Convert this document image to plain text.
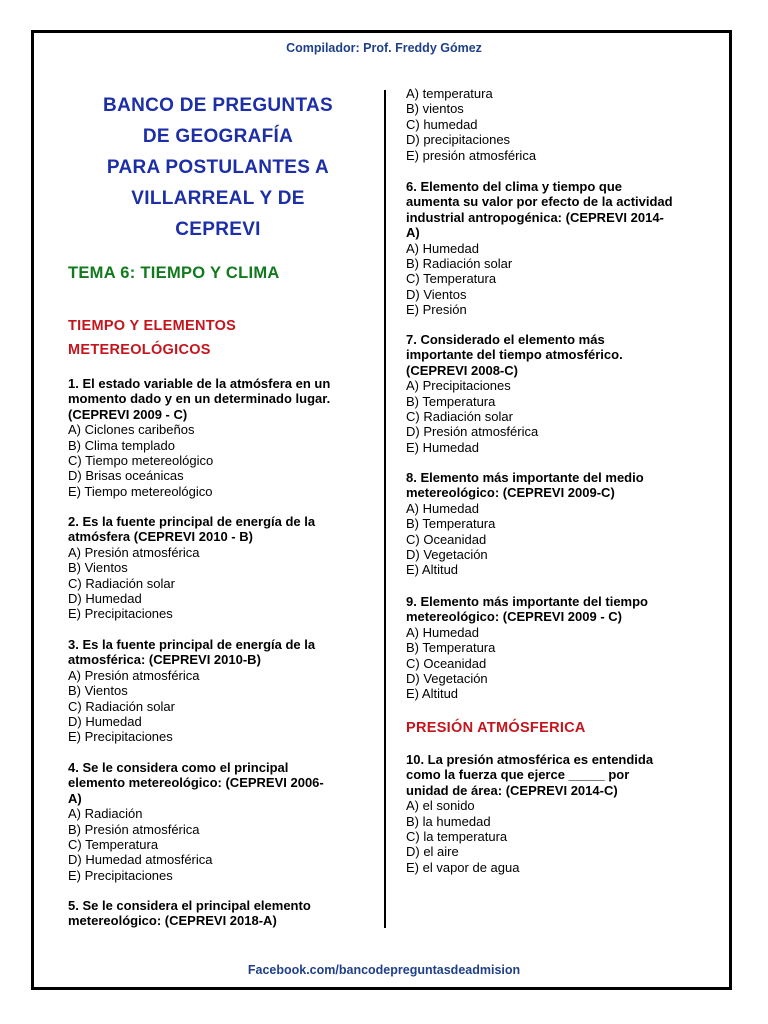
Compilador: Prof. Freddy Gómez
BANCO DE PREGUNTAS
DE GEOGRAFÍA
PARA POSTULANTES A
VILLARREAL Y DE
CEPREVI
TEMA 6: TIEMPO Y CLIMA
TIEMPO Y ELEMENTOS
METEREOLÓGICOS
1. El estado variable de la atmósfera en un
momento dado y en un determinado lugar.
(CEPREVI 2009 - C)
A) Ciclones caribeños
B) Clima templado
C) Tiempo metereológico
D) Brisas oceánicas
E) Tiempo metereológico
2. Es la fuente principal de energía de la
atmósfera (CEPREVI 2010 - B)
A) Presión atmosférica
B) Vientos
C) Radiación solar
D) Humedad
E) Precipitaciones
3. Es la fuente principal de energía de la
atmosférica: (CEPREVI 2010-B)
A) Presión atmosférica
B) Vientos
C) Radiación solar
D) Humedad
E) Precipitaciones
4. Se le considera como el principal
elemento metereológico: (CEPREVI 2006-
A)
A) Radiación
B) Presión atmosférica
C) Temperatura
D) Humedad atmosférica
E) Precipitaciones
5. Se le considera el principal elemento
metereológico: (CEPREVI 2018-A)
A) temperatura
B) vientos
C) humedad
D) precipitaciones
E) presión atmosférica
6. Elemento del clima y tiempo que
aumenta su valor por efecto de la actividad
industrial antropogénica: (CEPREVI 2014-
A)
A) Humedad
B) Radiación solar
C) Temperatura
D) Vientos
E) Presión
7. Considerado el elemento más
importante del tiempo atmosférico.
(CEPREVI 2008-C)
A) Precipitaciones
B) Temperatura
C) Radiación solar
D) Presión atmosférica
E) Humedad
8. Elemento más importante del medio
metereológico: (CEPREVI 2009-C)
A) Humedad
B) Temperatura
C) Oceanidad
D) Vegetación
E) Altitud
9. Elemento más importante del tiempo
metereológico: (CEPREVI 2009 - C)
A) Humedad
B) Temperatura
C) Oceanidad
D) Vegetación
E) Altitud
PRESIÓN ATMÓSFERICA
10. La presión atmosférica es entendida
como la fuerza que ejerce _____ por
unidad de área: (CEPREVI 2014-C)
A) el sonido
B) la humedad
C) la temperatura
D) el aire
E) el vapor de agua
Facebook.com/bancodepreguntasdeadmision
